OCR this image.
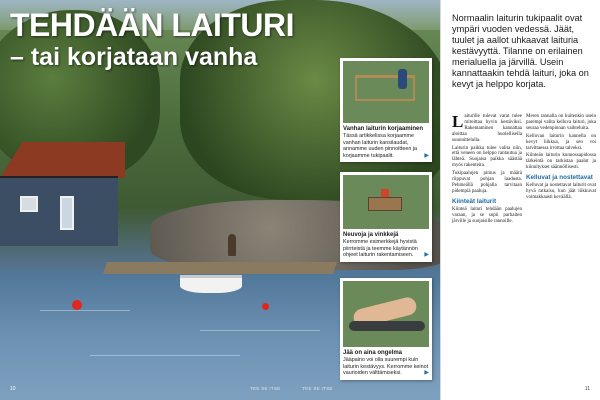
TEHDÄÄN LAITURI
– tai korjataan vanha
Vanhan laiturin korjaaminen
Tässä artikkelissa korjaamme vanhan laiturin kansilaudat, annamme uuden pinnoitteen ja korjaamme tukipaalit.	▶
Neuvoja ja vinkkejä
Kerromme esimerkkejä hyvistä piirrteistä ja teemme käytännön ohjeet laiturin rakentamiseen. ▶
Jää on aina ongelma
Jääpaino voi olla suurempi kuin laiturin kestävyys. Kerromme keinot vaurioiden välttämiseksi.	▶
Normaalin laiturin tukipaalit ovat ympäri vuoden vedessä. Jäät, tuulet ja aallot uhkaavat laituria kestävyyttä. Tilanne on erilainen merialuella ja järvillä. Usein kannattaakin tehdä laituri, joka on kevyt ja helppo korjata.

Laiturille tulevat varat tulee mitoittaa hyvin kestäviksi. Rakentaminen kannattaa aloittaa huolellisella suunnittelulla.

Laiturin paikka tulee valita niin, että veneen on helppo rantautua ja lähteä. Suojaisa paikka säästää myös rakenteita.

Tukipaalujen pituus ja määrä riippuvat pohjan laadusta. Pehmeällä pohjalla tarvitaan pidempiä paaluja.

Kiinteät laiturit

Kiinteä laituri tehdään paalujen varaan, ja se sopii parhaiten järville ja suojaisille rannoille.

Meren rannalla on kuitenkin usein parempi valita kelluva laituri, joka seuraa vedenpinnan vaihteluita.

Kelluvan laiturin kannella on kevyt liikkua, ja sen voi tarvittaessa irrottaa talveksi.

Kiinteän laiturin kunnossapidossa tärkeintä on tarkistaa paalut ja kiinnitykset säännöllisesti.

Kelluvat ja nostettavat

Kelluvat ja nostettavat laiturit ovat hyvä ratkaisu, kun jäät liikkuvat voimakkaasti keväällä.

10	TEE SE ITSE	TEE SE ITSE	11
